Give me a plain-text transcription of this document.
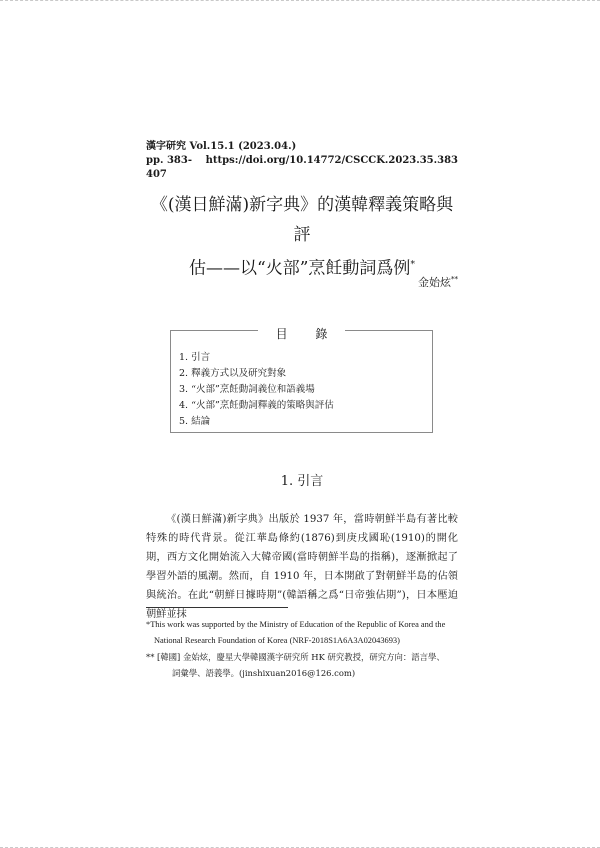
漢字研究 Vol.15.1 (2023.04.)
pp. 383-407
https://doi.org/10.14772/CSCCK.2023.35.383
《(漢日鮮滿)新字典》的漢韓釋義策略與評
估——以“火部”烹飪動詞爲例*
金始炫**
目 錄
1. 引言
2. 釋義方式以及研究對象
3. “火部”烹飪動詞義位和語義場
4. “火部”烹飪動詞釋義的策略與評估
5. 結論
1. 引言

《(漢日鮮滿)新字典》出版於 1937 年，當時朝鮮半島有著比較特殊的時代背景。從江華島條約(1876)到庚戌國恥(1910)的開化期，西方文化開始流入大韓帝國(當時朝鮮半島的指稱)，逐漸掀起了學習外語的風潮。然而，自 1910 年，日本開啟了對朝鮮半島的佔領與統治。在此“朝鮮日據時期”(韓語稱之爲“日帝強佔期”)，日本壓迫朝鮮並抹

*This work was supported by the Ministry of Education of the Republic of Korea and the
National Research Foundation of Korea (NRF-2018S1A6A3A02043693)
** [韓國] 金始炫，慶星大學韓國漢字研究所 HK 研究教授，研究方向：語言學、
詞彙學、語義學。(jinshixuan2016@126.com)
